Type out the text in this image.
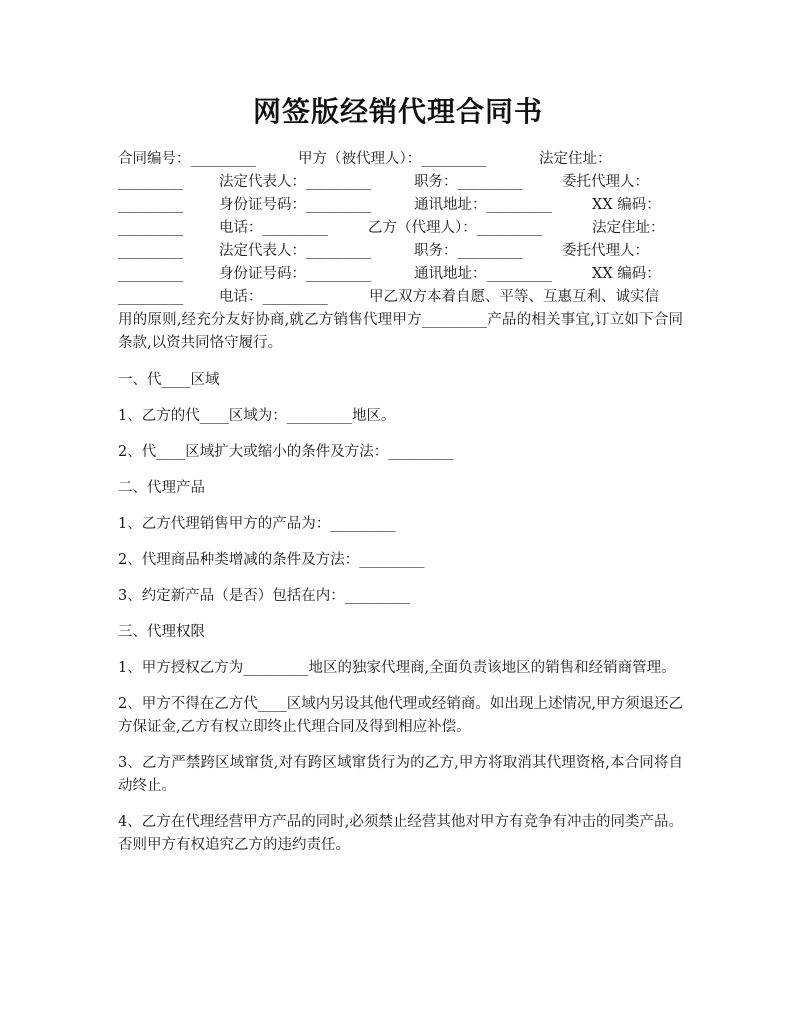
网签版经销代理合同书
合同编号：_________	甲方（被代理人）：_________	法定住址：
_________ 法定代表人：_________	职务：_________	委托代理人：
_________ 身份证号码：_________	通讯地址：_________	XX 编码：
_________ 电话：_________	乙方（代理人）：_________	法定住址：
_________ 法定代表人：_________	职务：_________	委托代理人：
_________ 身份证号码：_________	通讯地址：_________	XX 编码：
_________ 电话：_________	甲乙双方本着自愿、平等、互惠互利、诚实信
用的原则,经充分友好协商,就乙方销售代理甲方_________产品的相关事宜,订立如下合同条款,以资共同恪守履行。
一、代____区域
1、乙方的代____区域为：_________地区。
2、代____区域扩大或缩小的条件及方法：_________
二、代理产品
1、乙方代理销售甲方的产品为：_________
2、代理商品种类增减的条件及方法：_________
3、约定新产品（是否）包括在内：_________
三、代理权限
1、甲方授权乙方为_________地区的独家代理商,全面负责该地区的销售和经销商管理。
2、甲方不得在乙方代____区域内另设其他代理或经销商。如出现上述情况,甲方须退还乙方保证金,乙方有权立即终止代理合同及得到相应补偿。
3、乙方严禁跨区域窜货,对有跨区域窜货行为的乙方,甲方将取消其代理资格,本合同将自动终止。
4、乙方在代理经营甲方产品的同时,必须禁止经营其他对甲方有竞争有冲击的同类产品。否则甲方有权追究乙方的违约责任。
